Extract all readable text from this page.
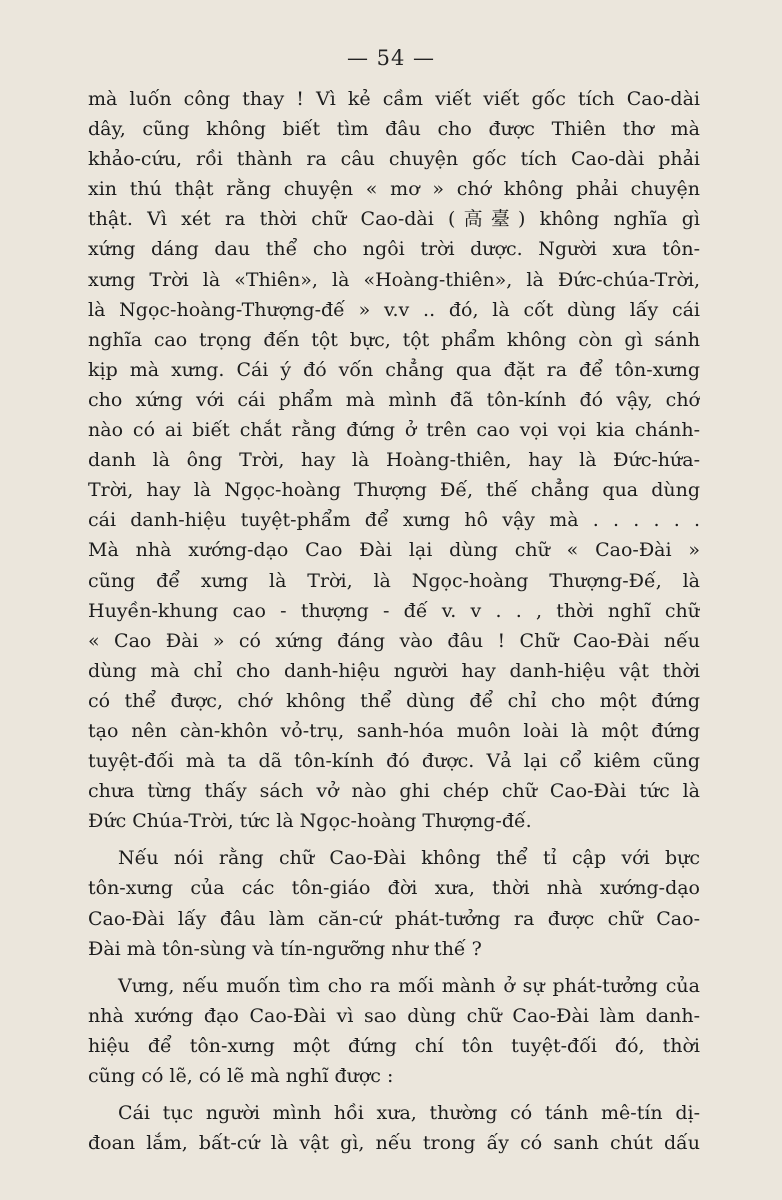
— 54 —
mà luốn công thay ! Vì kẻ cầm viết viết gốc tích Cao-dài
dây, cũng không biết tìm đâu cho được Thiên thơ mà
khảo-cứu, rồi thành ra câu chuyện gốc tích Cao-dài phải
xin thú thật rằng chuyện « mơ » chớ không phải chuyện
thật. Vì xét ra thời chữ Cao-dài (高臺) không nghĩa gì
xứng dáng dau thể cho ngôi trời dược. Người xưa tôn-
xưng Trời là «Thiên», là «Hoàng-thiên», là Đức-chúa-Trời,
là Ngọc-hoàng-Thượng-đế » v.v .. đó, là cốt dùng lấy cái
nghĩa cao trọng đến tột bực, tột phẩm không còn gì sánh
kịp mà xưng. Cái ý đó vốn chẳng qua đặt ra để tôn-xưng
cho xứng với cái phẩm mà mình đã tôn-kính đó vậy, chớ
nào có ai biết chắt rằng đứng ở trên cao vọi vọi kia chánh-
danh là ông Trời, hay là Hoàng-thiên, hay là Đức-hứa-
Trời, hay là Ngọc-hoàng Thượng Đế, thế chẳng qua dùng
cái danh-hiệu tuyệt-phẩm để xưng hô vậy mà . . . . . .
Mà nhà xướng-dạo Cao Đài lại dùng chữ « Cao-Đài »
cũng để xưng là Trời, là Ngọc-hoàng Thượng-Đế, là
Huyền-khung cao - thượng - đế v. v . . , thời nghĩ chữ
« Cao Đài » có xứng đáng vào đâu ! Chữ Cao-Đài nếu
dùng mà chỉ cho danh-hiệu người hay danh-hiệu vật thời
có thể được, chớ không thể dùng để chỉ cho một đứng
tạo nên càn-khôn vỏ-trụ, sanh-hóa muôn loài là một đứng
tuyệt-đối mà ta dã tôn-kính đó được. Vả lại cổ kiêm cũng
chưa từng thấy sách vở nào ghi chép chữ Cao-Đài tức là
Đức Chúa-Trời, tức là Ngọc-hoàng Thượng-đế.
Nếu nói rằng chữ Cao-Đài không thể tỉ cập với bực
tôn-xưng của các tôn-giáo đời xưa, thời nhà xướng-dạo
Cao-Đài lấy đâu làm căn-cứ phát-tưởng ra được chữ Cao-
Đài mà tôn-sùng và tín-ngưỡng như thế ?
Vưng, nếu muốn tìm cho ra mối mành ở sự phát-tưởng của
nhà xướng đạo Cao-Đài vì sao dùng chữ Cao-Đài làm danh-
hiệu để tôn-xưng một đứng chí tôn tuyệt-đối đó, thời
cũng có lẽ, có lẽ mà nghĩ được :
Cái tục người mình hồi xưa, thường có tánh mê-tín dị-
đoan lắm, bất-cứ là vật gì, nếu trong ấy có sanh chút dấu
